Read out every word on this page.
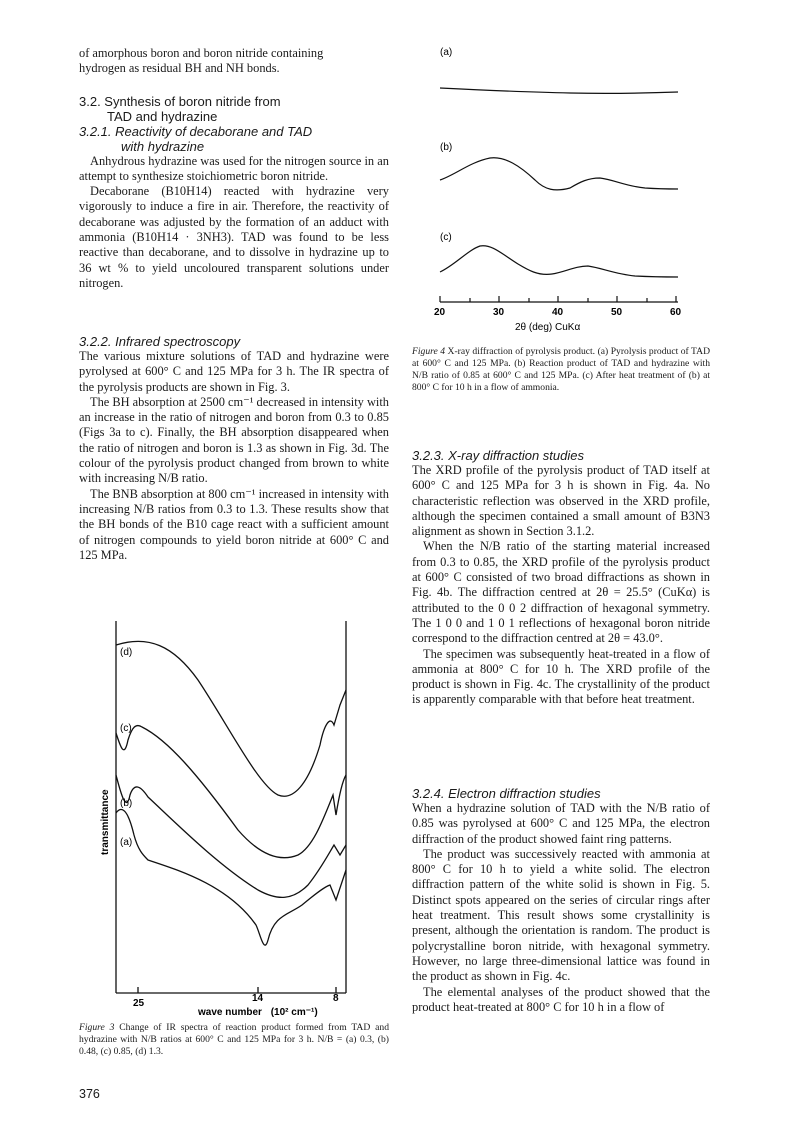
of amorphous boron and boron nitride containing

hydrogen as residual BH and NH bonds.

3.2. Synthesis of boron nitride from

TAD and hydrazine

3.2.1. Reactivity of decaborane and TAD

with hydrazine

Anhydrous hydrazine was used for the nitrogen source in an attempt to synthesize stoichiometric boron nitride.

Decaborane (B10H14) reacted with hydrazine very vigorously to induce a fire in air. Therefore, the reactivity of decaborane was adjusted by the formation of an adduct with ammonia (B10H14 · 3NH3). TAD was found to be less reactive than decaborane, and to dissolve in hydrazine up to 36 wt % to yield uncoloured transparent solutions under nitrogen.

3.2.2. Infrared spectroscopy

The various mixture solutions of TAD and hydrazine were pyrolysed at 600° C and 125 MPa for 3 h. The IR spectra of the pyrolysis products are shown in Fig. 3.

The BH absorption at 2500 cm⁻¹ decreased in intensity with an increase in the ratio of nitrogen and boron from 0.3 to 0.85 (Figs 3a to c). Finally, the BH absorption disappeared when the ratio of nitrogen and boron is 1.3 as shown in Fig. 3d. The colour of the pyrolysis product changed from brown to white with increasing N/B ratio.

The BNB absorption at 800 cm⁻¹ increased in intensity with increasing N/B ratios from 0.3 to 1.3. These results show that the BH bonds of the B10 cage react with a sufficient amount of nitrogen compounds to yield boron nitride at 600° C and 125 MPa.

(d)
(c)
(b)
(a)
transmittance
25	14	8
wave number (10² cm⁻¹)
Figure 3 Change of IR spectra of reaction product formed from TAD and hydrazine with N/B ratios at 600° C and 125 MPa for 3 h. N/B = (a) 0.3, (b) 0.48, (c) 0.85, (d) 1.3.
376
(a)
(b)
(c)
20	30	40	50	60
2θ (deg) CuKα
Figure 4 X-ray diffraction of pyrolysis product. (a) Pyrolysis product of TAD at 600° C and 125 MPa. (b) Reaction product of TAD and hydrazine with N/B ratio of 0.85 at 600° C and 125 MPa. (c) After heat treatment of (b) at 800° C for 10 h in a flow of ammonia.

3.2.3. X-ray diffraction studies

The XRD profile of the pyrolysis product of TAD itself at 600° C and 125 MPa for 3 h is shown in Fig. 4a. No characteristic reflection was observed in the XRD profile, although the specimen contained a small amount of B3N3 alignment as shown in Section 3.1.2.

When the N/B ratio of the starting material increased from 0.3 to 0.85, the XRD profile of the pyrolysis product at 600° C consisted of two broad diffractions as shown in Fig. 4b. The diffraction centred at 2θ = 25.5° (CuKα) is attributed to the 0 0 2 diffraction of hexagonal symmetry. The 1 0 0 and 1 0 1 reflections of hexagonal boron nitride correspond to the diffraction centred at 2θ = 43.0°.

The specimen was subsequently heat-treated in a flow of ammonia at 800° C for 10 h. The XRD profile of the product is shown in Fig. 4c. The crystallinity of the product is apparently comparable with that before heat treatment.

3.2.4. Electron diffraction studies

When a hydrazine solution of TAD with the N/B ratio of 0.85 was pyrolysed at 600° C and 125 MPa, the electron diffraction of the product showed faint ring patterns.

The product was successively reacted with ammonia at 800° C for 10 h to yield a white solid. The electron diffraction pattern of the white solid is shown in Fig. 5. Distinct spots appeared on the series of circular rings after heat treatment. This result shows some crystallinity is present, although the orientation is random. The product is polycrystalline boron nitride, with hexagonal symmetry. However, no large three-dimensional lattice was found in the product as shown in Fig. 4c.

The elemental analyses of the product showed that the product heat-treated at 800° C for 10 h in a flow of
